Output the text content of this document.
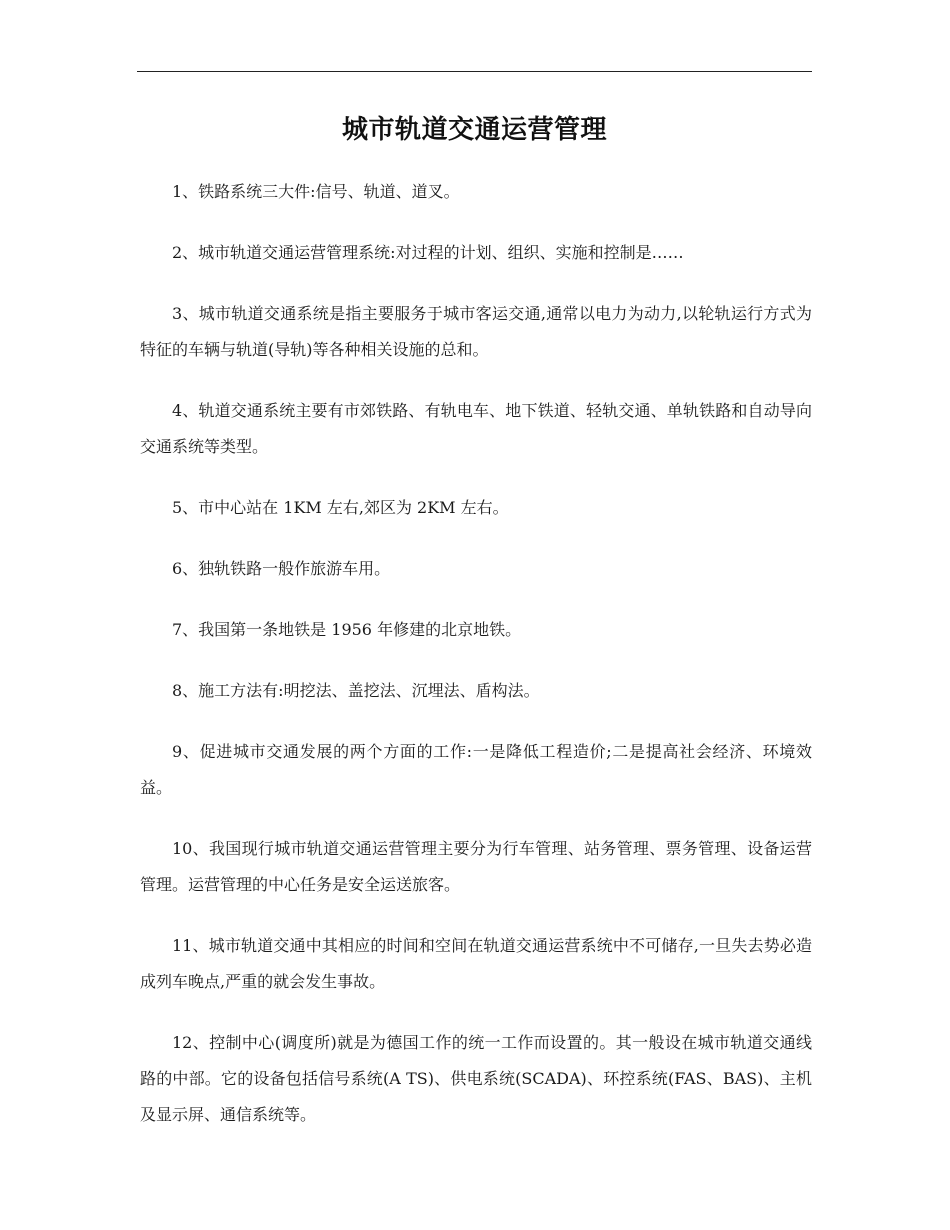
城市轨道交通运营管理

1、铁路系统三大件:信号、轨道、道叉。

2、城市轨道交通运营管理系统:对过程的计划、组织、实施和控制是……

3、城市轨道交通系统是指主要服务于城市客运交通,通常以电力为动力,以轮轨运行方式为特征的车辆与轨道(导轨)等各种相关设施的总和。

4、轨道交通系统主要有市郊铁路、有轨电车、地下铁道、轻轨交通、单轨铁路和自动导向交通系统等类型。

5、市中心站在 1KM 左右,郊区为 2KM 左右。

6、独轨铁路一般作旅游车用。

7、我国第一条地铁是 1956 年修建的北京地铁。

8、施工方法有:明挖法、盖挖法、沉埋法、盾构法。

9、促进城市交通发展的两个方面的工作:一是降低工程造价;二是提高社会经济、环境效益。

10、我国现行城市轨道交通运营管理主要分为行车管理、站务管理、票务管理、设备运营管理。运营管理的中心任务是安全运送旅客。

11、城市轨道交通中其相应的时间和空间在轨道交通运营系统中不可储存,一旦失去势必造成列车晚点,严重的就会发生事故。

12、控制中心(调度所)就是为德国工作的统一工作而设置的。其一般设在城市轨道交通线路的中部。它的设备包括信号系统(A TS)、供电系统(SCADA)、环控系统(FAS、BAS)、主机及显示屏、通信系统等。
